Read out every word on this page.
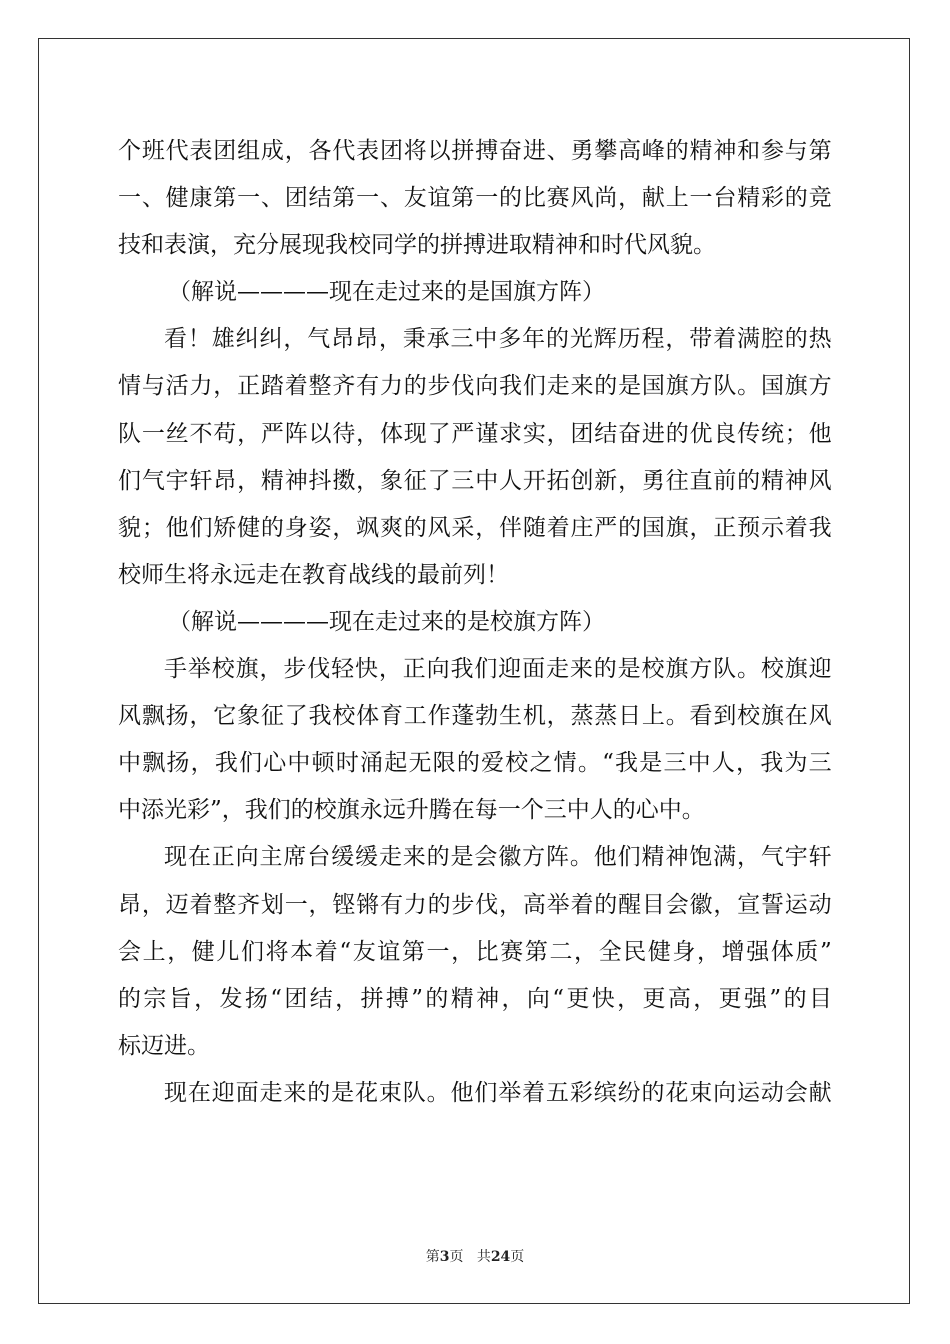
个 班 代 表 团 组 成 ， 各 代 表 团 将 以 拼 搏 奋 进 、 勇 攀 高 峰 的 精 神 和 参 与 第
一 、 健 康 第 一 、 团 结 第 一 、 友 谊 第 一 的 比 赛 风 尚 ， 献 上 一 台 精 彩 的 竞
技和表演，充分展现我校同学的拼搏进取精神和时代风貌。
（解说————现在走过来的是国旗方阵）
看 ！ 雄 纠 纠 ， 气 昂 昂 ， 秉 承 三 中 多 年 的 光 辉 历 程 ， 带 着 满 腔 的 热
情 与 活 力 ， 正 踏 着 整 齐 有 力 的 步 伐 向 我 们 走 来 的 是 国 旗 方 队 。 国 旗 方
队 一 丝 不 苟 ， 严 阵 以 待 ， 体 现 了 严 谨 求 实 ， 团 结 奋 进 的 优 良 传 统 ； 他
们 气 宇 轩 昂 ， 精 神 抖 擞 ， 象 征 了 三 中 人 开 拓 创 新 ， 勇 往 直 前 的 精 神 风
貌 ； 他 们 矫 健 的 身 姿 ， 飒 爽 的 风 采 ， 伴 随 着 庄 严 的 国 旗 ， 正 预 示 着 我
校师生将永远走在教育战线的最前列！
（解说————现在走过来的是校旗方阵）
手 举 校 旗 ， 步 伐 轻 快 ， 正 向 我 们 迎 面 走 来 的 是 校 旗 方 队 。 校 旗 迎
风 飘 扬 ， 它 象 征 了 我 校 体 育 工 作 蓬 勃 生 机 ， 蒸 蒸 日 上 。 看 到 校 旗 在 风
中 飘 扬 ， 我 们 心 中 顿 时 涌 起 无 限 的 爱 校 之 情 。 “ 我 是 三 中 人 ， 我 为 三
中添光彩”，我们的校旗永远升腾在每一个三中人的心中。
现 在 正 向 主 席 台 缓 缓 走 来 的 是 会 徽 方 阵 。 他 们 精 神 饱 满 ， 气 宇 轩
昂 ， 迈 着 整 齐 划 一 ， 铿 锵 有 力 的 步 伐 ， 高 举 着 的 醒 目 会 徽 ， 宣 誓 运 动
会 上 ， 健 儿 们 将 本 着 “ 友 谊 第 一 ， 比 赛 第 二 ， 全 民 健 身 ， 增 强 体 质 ”
的 宗 旨 ， 发 扬 “ 团 结 ， 拼 搏 ” 的 精 神 ， 向 “ 更 快 ， 更 高 ， 更 强 ” 的 目
标迈进。
现 在 迎 面 走 来 的 是 花 束 队 。 他 们 举 着 五 彩 缤 纷 的 花 束 向 运 动 会 献
第3页 共24页
